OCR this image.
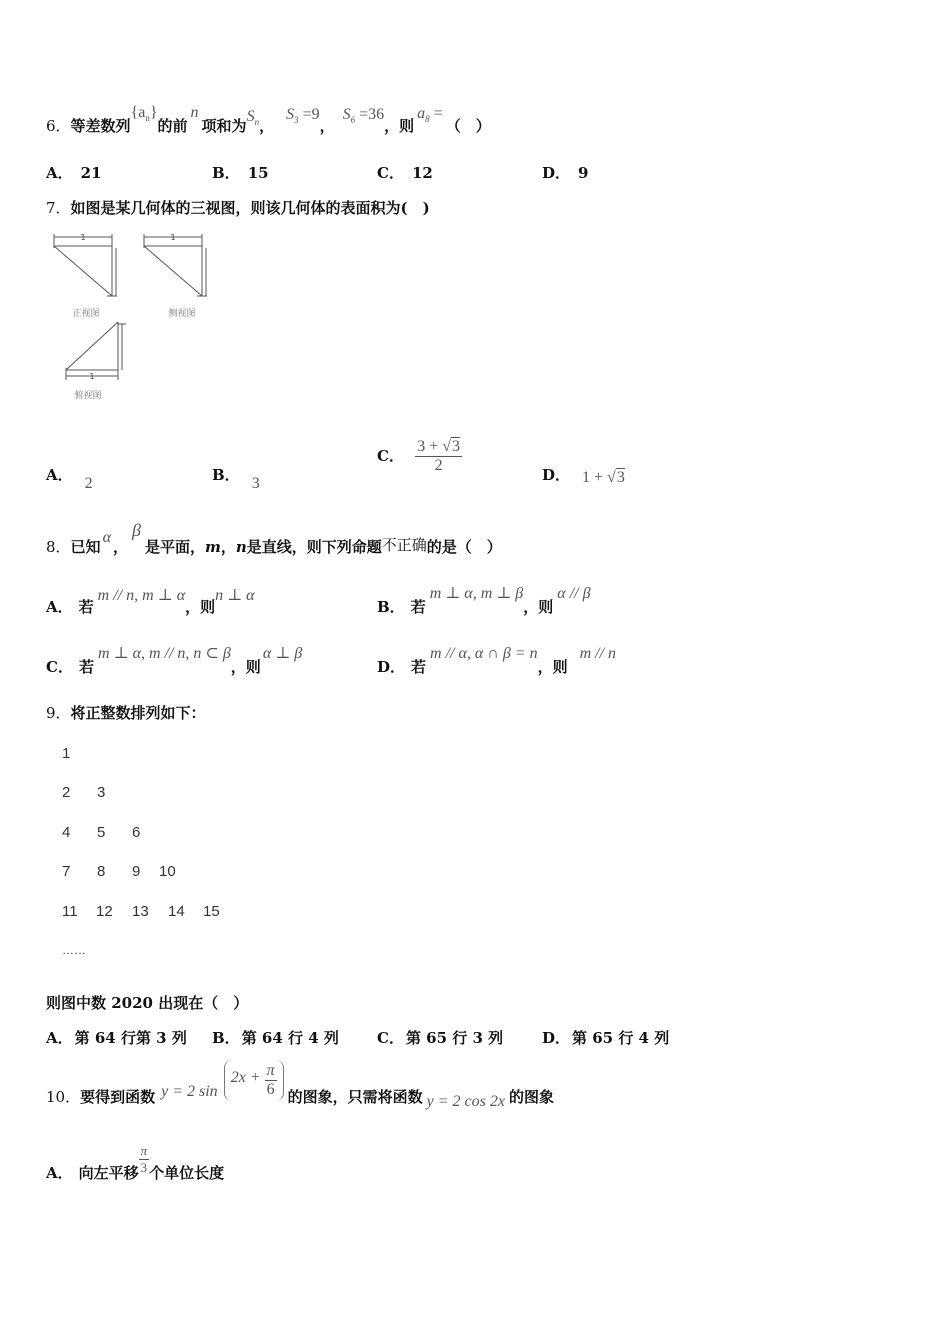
6．等差数列$\{a_n\}$的前n项和为$S_n$，$S_3 =9$，$S_6 =36$，则$a_8$ =（　）
A． 21	B． 15	C． 12	D． 9
7．如图是某几何体的三视图，则该几何体的表面积为(　)
1	1
1
正视图	侧视图
俯视图
A． 2	B． 3
C． $\frac{3 + √3}{2}$	D． 1 + √3
8．已知α，β是平面，m，n是直线，则下列命题不正确的是（　）
A． 若m // n, m ⊥ α，则n ⊥ α
B． 若m ⊥ α, m ⊥ β，则α // β
C． 若m ⊥ α, m // n, n ⊂ β，则α ⊥ β
D． 若m // α, α ∩ β = n，则m // n
9．将正整数排列如下：
1
2 3
4 5 6
7 8 9 10
11 12 13 14 15
……
则图中数 2020 出现在（　）
A． 第 64 行第 3 列 B． 第 64 行 4 列	C． 第 65 行 3 列	D． 第 65 行 4 列
10．要得到函数 y = 2 $\sin 2x + \frac{\pi}{6}$ 的图象，只需将函数 y = 2 cos 2x 的图象
A． 向左平移 $\frac{\pi}{3}$ 个单位长度
